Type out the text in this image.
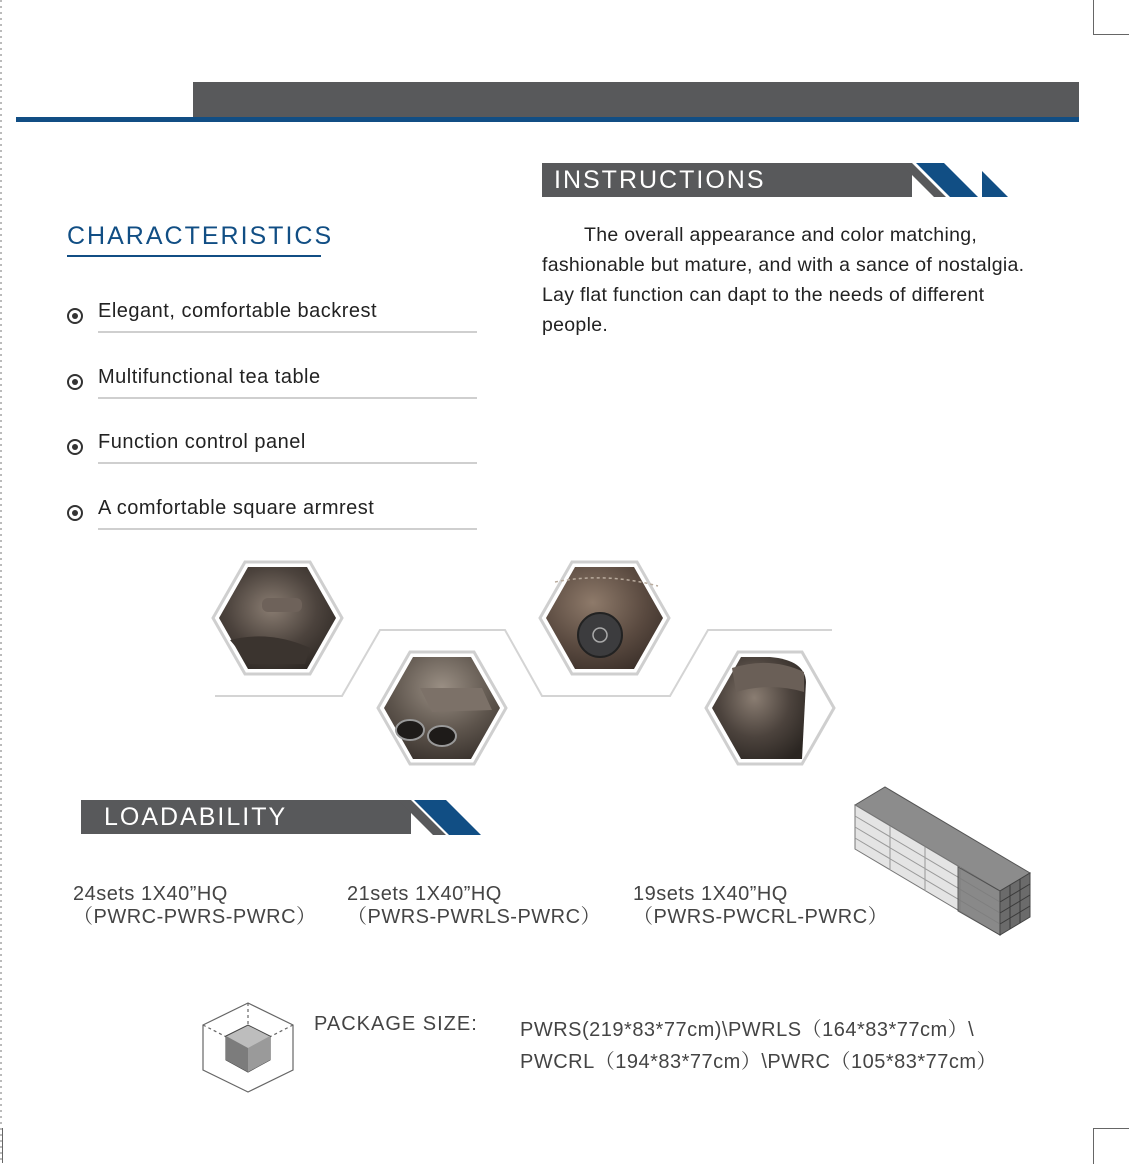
INSTRUCTIONS
The overall appearance and color matching, fashionable but mature, and with a sance of nostalgia. Lay flat function can dapt to the needs of different people.
CHARACTERISTICS
Elegant, comfortable backrest
Multifunctional tea table
Function control panel
A comfortable square armrest
LOADABILITY
24sets 1X40”HQ
（PWRC-PWRS-PWRC）
21sets 1X40”HQ
（PWRS-PWRLS-PWRC）
19sets 1X40”HQ
（PWRS-PWCRL-PWRC）
PACKAGE SIZE: PWRS(219*83*77cm)\PWRLS（164*83*77cm）\
PWCRL（194*83*77cm）\PWRC（105*83*77cm）
